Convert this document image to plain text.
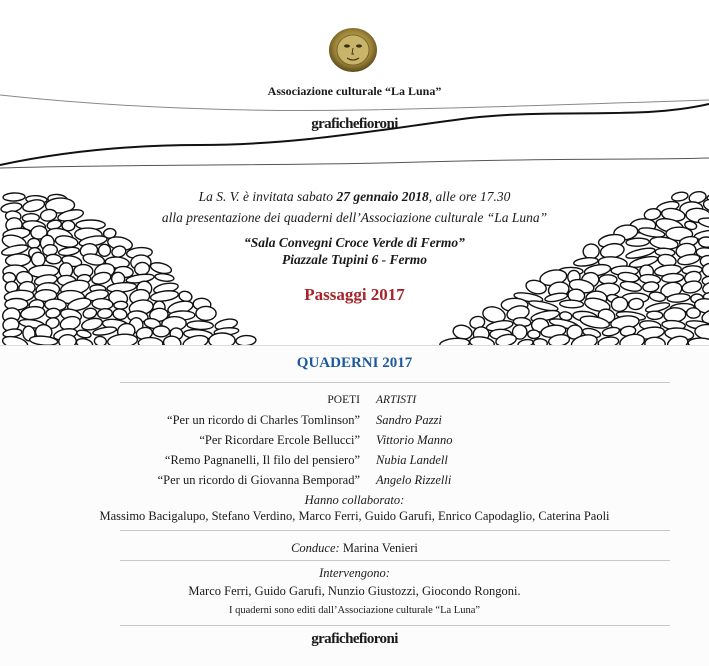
Associazione culturale “La Luna”
grafichefioroni
La S. V. è invitata sabato 27 gennaio 2018, alle ore 17.30
alla presentazione dei quaderni dell’Associazione culturale “La Luna”
“Sala Convegni Croce Verde di Fermo”
Piazzale Tupini 6 - Fermo
Passaggi 2017
QUADERNI 2017
POETI	ARTISTI
“Per un ricordo di Charles Tomlinson”	Sandro Pazzi
“Per Ricordare Ercole Bellucci”	Vittorio Manno
“Remo Pagnanelli, Il filo del pensiero”	Nubia Landell
“Per un ricordo di Giovanna Bemporad”	Angelo Rizzelli
Hanno collaborato:
Massimo Bacigalupo, Stefano Verdino, Marco Ferri, Guido Garufi, Enrico Capodaglio, Caterina Paoli
Conduce: Marina Venieri
Intervengono:
Marco Ferri, Guido Garufi, Nunzio Giustozzi, Giocondo Rongoni.
I quaderni sono editi dall’Associazione culturale “La Luna”
grafichefioroni
